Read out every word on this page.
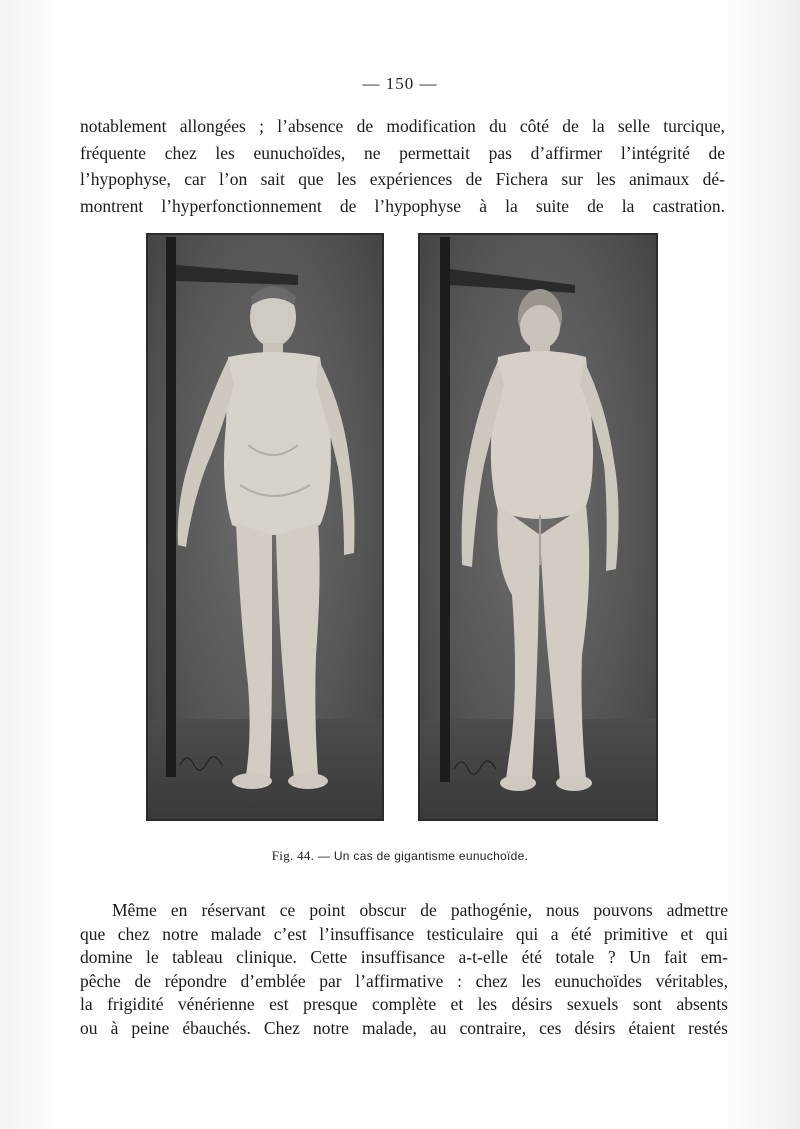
— 150 —

notablement allongées ; l’absence de modification du côté de la selle turcique,
fréquente chez les eunuchoïdes, ne permettait pas d’affirmer l’intégrité de
l’hypophyse, car l’on sait que les expériences de Fichera sur les animaux dé-
montrent l’hyperfonctionnement de l’hypophyse à la suite de la castration.

Fig. 44. — Un cas de gigantisme eunuchoïde.

Même en réservant ce point obscur de pathogénie, nous pouvons admettre
que chez notre malade c’est l’insuffisance testiculaire qui a été primitive et qui
domine le tableau clinique. Cette insuffisance a-t-elle été totale ? Un fait em-
pêche de répondre d’emblée par l’affirmative : chez les eunuchoïdes véritables,
la frigidité vénérienne est presque complète et les désirs sexuels sont absents
ou à peine ébauchés. Chez notre malade, au contraire, ces désirs étaient restés
